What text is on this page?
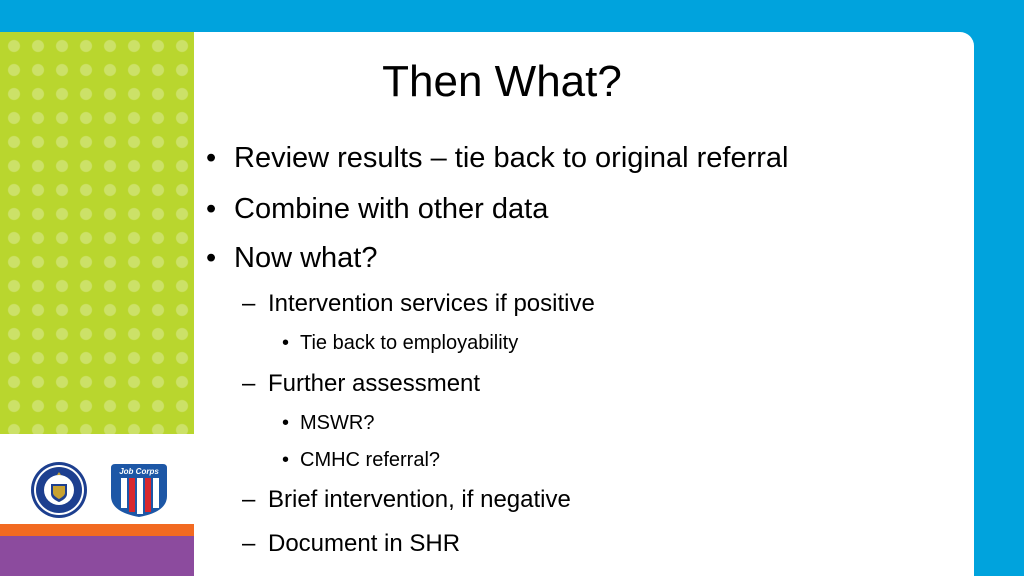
Job Corps
Then What?
• Review results – tie back to original referral
• Combine with other data
• Now what?
– Intervention services if positive
• Tie back to employability
– Further assessment
• MSWR?
• CMHC referral?
– Brief intervention, if negative
– Document in SHR
